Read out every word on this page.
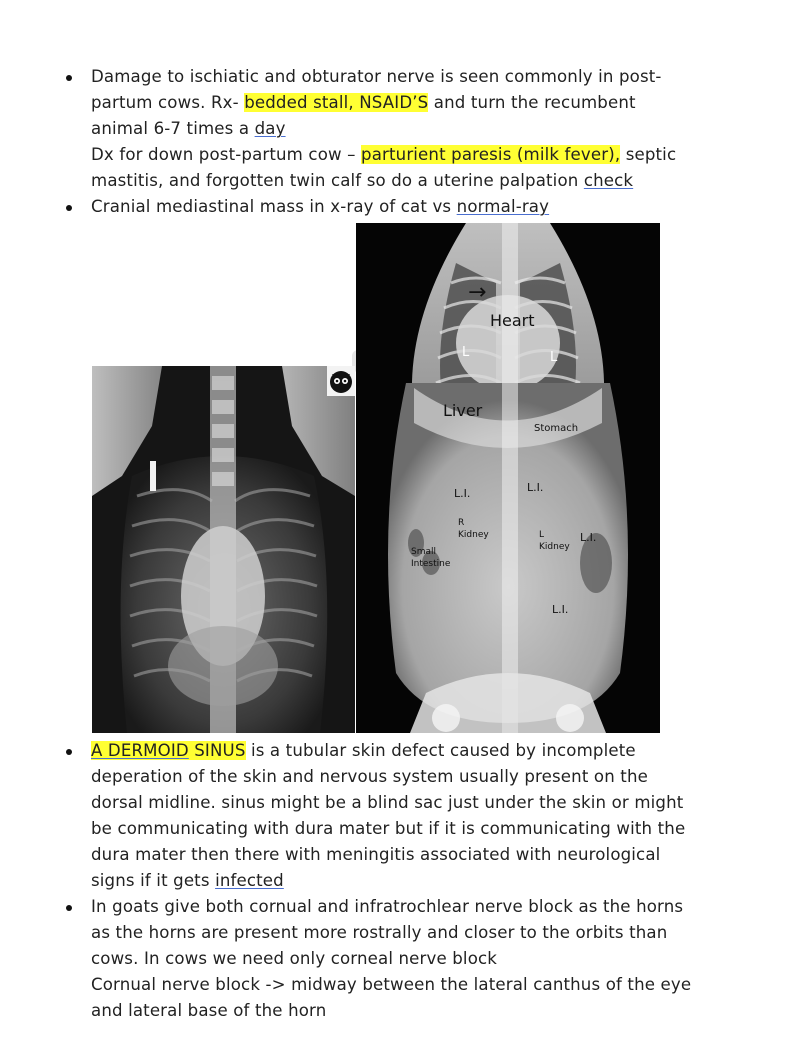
Damage to ischiatic and obturator nerve is seen commonly in post-
partum cows. Rx- bedded stall, NSAID’S and turn the recumbent
animal 6-7 times a day
Dx for down post-partum cow – parturient paresis (milk fever), septic
mastitis, and forgotten twin calf so do a uterine palpation check
Cranial mediastinal mass in x-ray of cat vs normal-ray
→
Heart
L	L
Liver
Stomach
L.I.	L.I.
R
Kidney	L
Kidney
L.I.
Small
Intestine
L.I.
A DERMOID SINUS is a tubular skin defect caused by incomplete
deperation of the skin and nervous system usually present on the
dorsal midline. sinus might be a blind sac just under the skin or might
be communicating with dura mater but if it is communicating with the
dura mater then there with meningitis associated with neurological
signs if it gets infected
In goats give both cornual and infratrochlear nerve block as the horns
as the horns are present more rostrally and closer to the orbits than
cows. In cows we need only corneal nerve block
Cornual nerve block -> midway between the lateral canthus of the eye
and lateral base of the horn
